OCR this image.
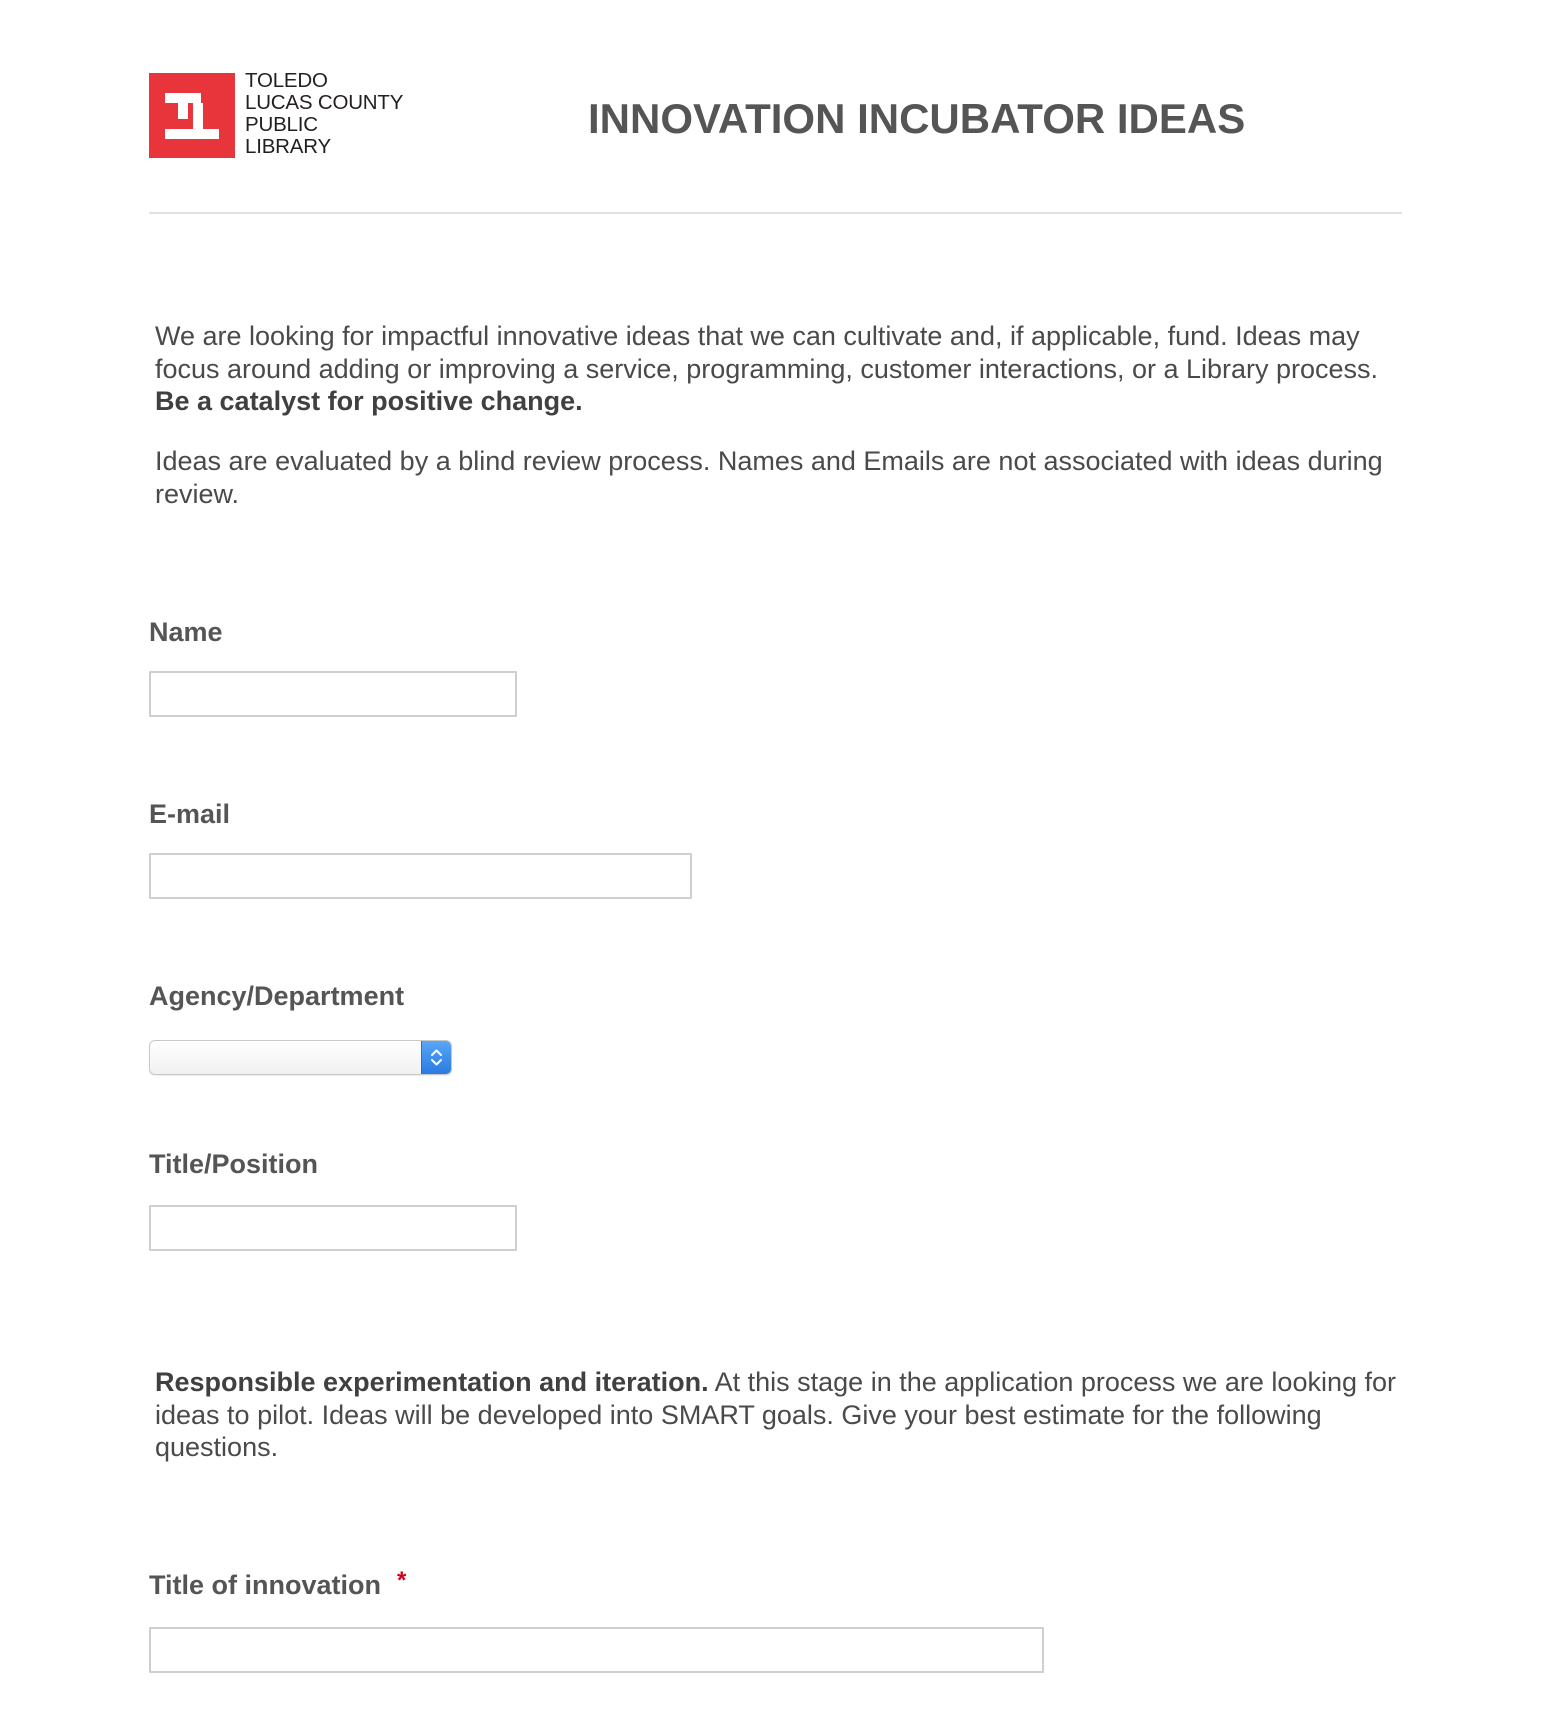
TOLEDO
LUCAS COUNTY
PUBLIC
LIBRARY
INNOVATION INCUBATOR IDEAS

We are looking for impactful innovative ideas that we can cultivate and, if applicable, fund. Ideas may focus around adding or improving a service, programming, customer interactions, or a Library process. Be a catalyst for positive change.

Ideas are evaluated by a blind review process. Names and Emails are not associated with ideas during review.

Name
E-mail
Agency/Department
Title/Position

Responsible experimentation and iteration. At this stage in the application process we are looking for ideas to pilot. Ideas will be developed into SMART goals. Give your best estimate for the following questions.

Title of innovation *
